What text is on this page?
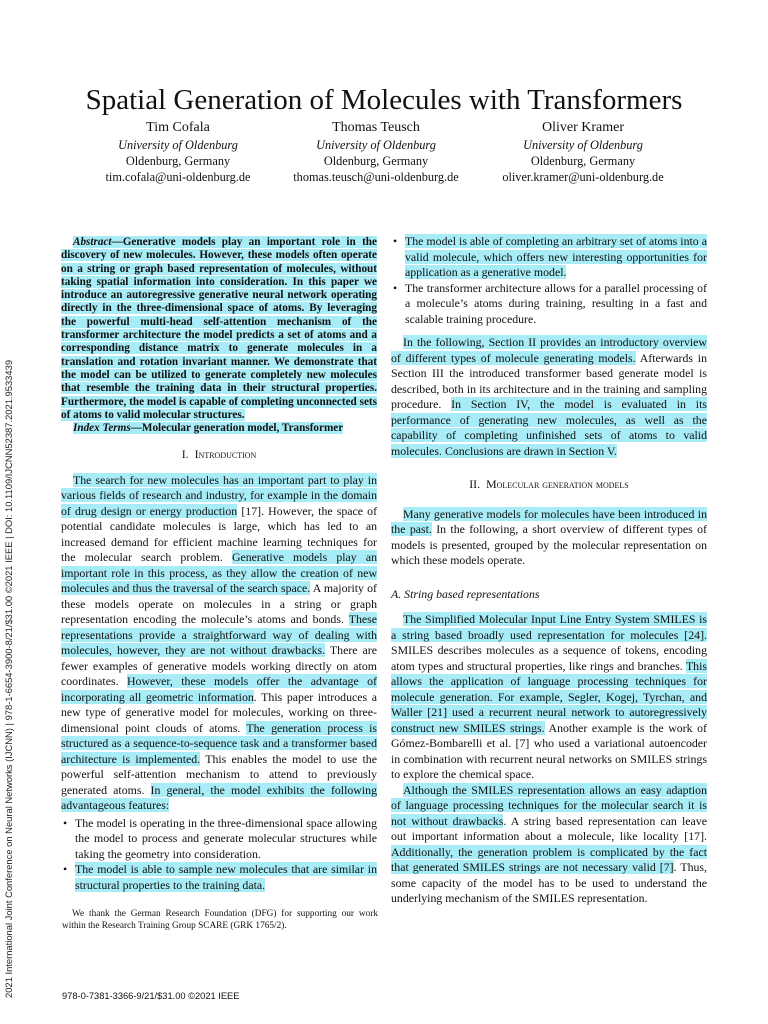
2021 International Joint Conference on Neural Networks (IJCNN) | 978-1-6654-3900-8/21/$31.00 ©2021 IEEE | DOI: 10.1109/IJCNN52387.2021.9533439
Spatial Generation of Molecules with Transformers
Tim Cofala
University of Oldenburg
Oldenburg, Germany
tim.cofala@uni-oldenburg.de
Thomas Teusch
University of Oldenburg
Oldenburg, Germany
thomas.teusch@uni-oldenburg.de
Oliver Kramer
University of Oldenburg
Oldenburg, Germany
oliver.kramer@uni-oldenburg.de

Abstract—Generative models play an important role in the discovery of new molecules. However, these models often operate on a string or graph based representation of molecules, without taking spatial information into consideration. In this paper we introduce an autoregressive generative neural network operating directly in the three-dimensional space of atoms. By leveraging the powerful multi-head self-attention mechanism of the transformer architecture the model predicts a set of atoms and a corresponding distance matrix to generate molecules in a translation and rotation invariant manner. We demonstrate that the model can be utilized to generate completely new molecules that resemble the training data in their structural properties. Furthermore, the model is capable of completing unconnected sets of atoms to valid molecular structures.

Index Terms—Molecular generation model, Transformer

I. Introduction

The search for new molecules has an important part to play in various fields of research and industry, for example in the domain of drug design or energy production [17]. However, the space of potential candidate molecules is large, which has led to an increased demand for efficient machine learning techniques for the molecular search problem. Generative models play an important role in this process, as they allow the creation of new molecules and thus the traversal of the search space. A majority of these models operate on molecules in a string or graph representation encoding the molecule’s atoms and bonds. These representations provide a straightforward way of dealing with molecules, however, they are not without drawbacks. There are fewer examples of generative models working directly on atom coordinates. However, these models offer the advantage of incorporating all geometric information. This paper introduces a new type of generative model for molecules, working on three-dimensional point clouds of atoms. The generation process is structured as a sequence-to-sequence task and a transformer based architecture is implemented. This enables the model to use the powerful self-attention mechanism to attend to previously generated atoms. In general, the model exhibits the following advantageous features:

• The model is operating in the three-dimensional space allowing the model to process and generate molecular structures while taking the geometry into consideration.
• The model is able to sample new molecules that are similar in structural properties to the training data.
We thank the German Research Foundation (DFG) for supporting our work within the Research Training Group SCARE (GRK 1765/2).
978-0-7381-3366-9/21/$31.00 ©2021 IEEE
• The model is able of completing an arbitrary set of atoms into a valid molecule, which offers new interesting opportunities for application as a generative model.
• The transformer architecture allows for a parallel processing of a molecule’s atoms during training, resulting in a fast and scalable training procedure.

In the following, Section II provides an introductory overview of different types of molecule generating models. Afterwards in Section III the introduced transformer based generate model is described, both in its architecture and in the training and sampling procedure. In Section IV, the model is evaluated in its performance of generating new molecules, as well as the capability of completing unfinished sets of atoms to valid molecules. Conclusions are drawn in Section V.

II. Molecular generation models

Many generative models for molecules have been introduced in the past. In the following, a short overview of different types of models is presented, grouped by the molecular representation on which these models operate.

A. String based representations

The Simplified Molecular Input Line Entry System SMILES is a string based broadly used representation for molecules [24]. SMILES describes molecules as a sequence of tokens, encoding atom types and structural properties, like rings and branches. This allows the application of language processing techniques for molecule generation. For example, Segler, Kogej, Tyrchan, and Waller [21] used a recurrent neural network to autoregressively construct new SMILES strings. Another example is the work of Gómez-Bombarelli et al. [7] who used a variational autoencoder in combination with recurrent neural networks on SMILES strings to explore the chemical space.

Although the SMILES representation allows an easy adaption of language processing techniques for the molecular search it is not without drawbacks. A string based representation can leave out important information about a molecule, like locality [17]. Additionally, the generation problem is complicated by the fact that generated SMILES strings are not necessary valid [7]. Thus, some capacity of the model has to be used to understand the underlying mechanism of the SMILES representation.
